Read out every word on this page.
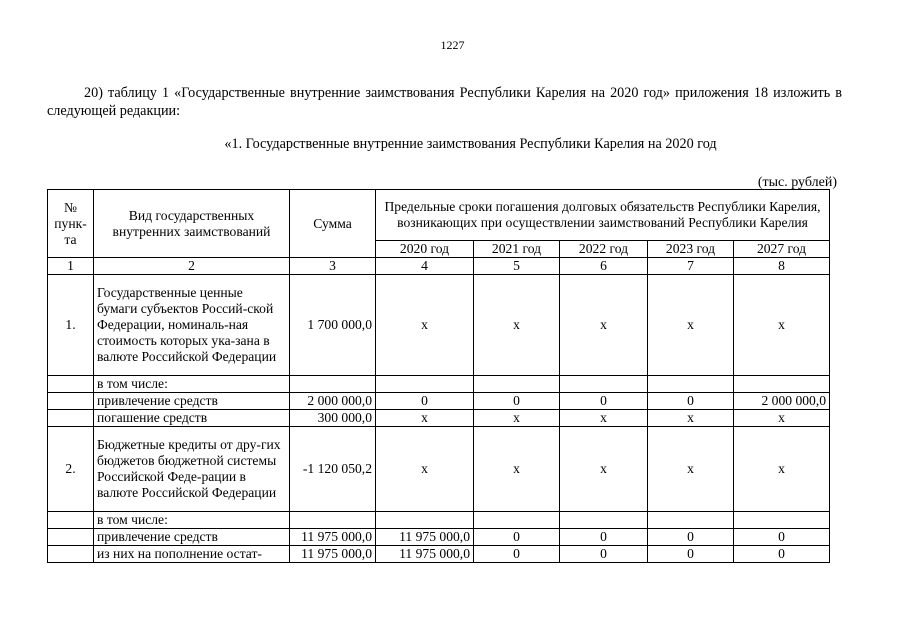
1227
20) таблицу 1 «Государственные внутренние заимствования Республики Карелия на 2020 год» приложения 18 изложить в следующей редакции:
«1. Государственные внутренние заимствования Республики Карелия на 2020 год
(тыс. рублей)
№ пунк-та	Вид государственных внутренних заимствований	Сумма	Предельные сроки погашения долговых обязательств Республики Карелия, возникающих при осуществлении заимствований Республики Карелия				
			2020 год	2021 год	2022 год	2023 год	2027 год
1	2	3	4	5	6	7	8
1.	Государственные ценные бумаги субъектов Россий-ской Федерации, номиналь-ная стоимость которых ука-зана в валюте Российской Федерации	1 700 000,0	x	x	x	x	x
	в том числе:						
	привлечение средств	2 000 000,0	0	0	0	0	2 000 000,0
	погашение средств	300 000,0	x	x	x	x	x
2.	Бюджетные кредиты от дру-гих бюджетов бюджетной системы Российской Феде-рации в валюте Российской Федерации	-1 120 050,2	x	x	x	x	x
	в том числе:						
	привлечение средств	11 975 000,0	11 975 000,0	0	0	0	0
	из них на пополнение остат-	11 975 000,0	11 975 000,0	0	0	0	0
